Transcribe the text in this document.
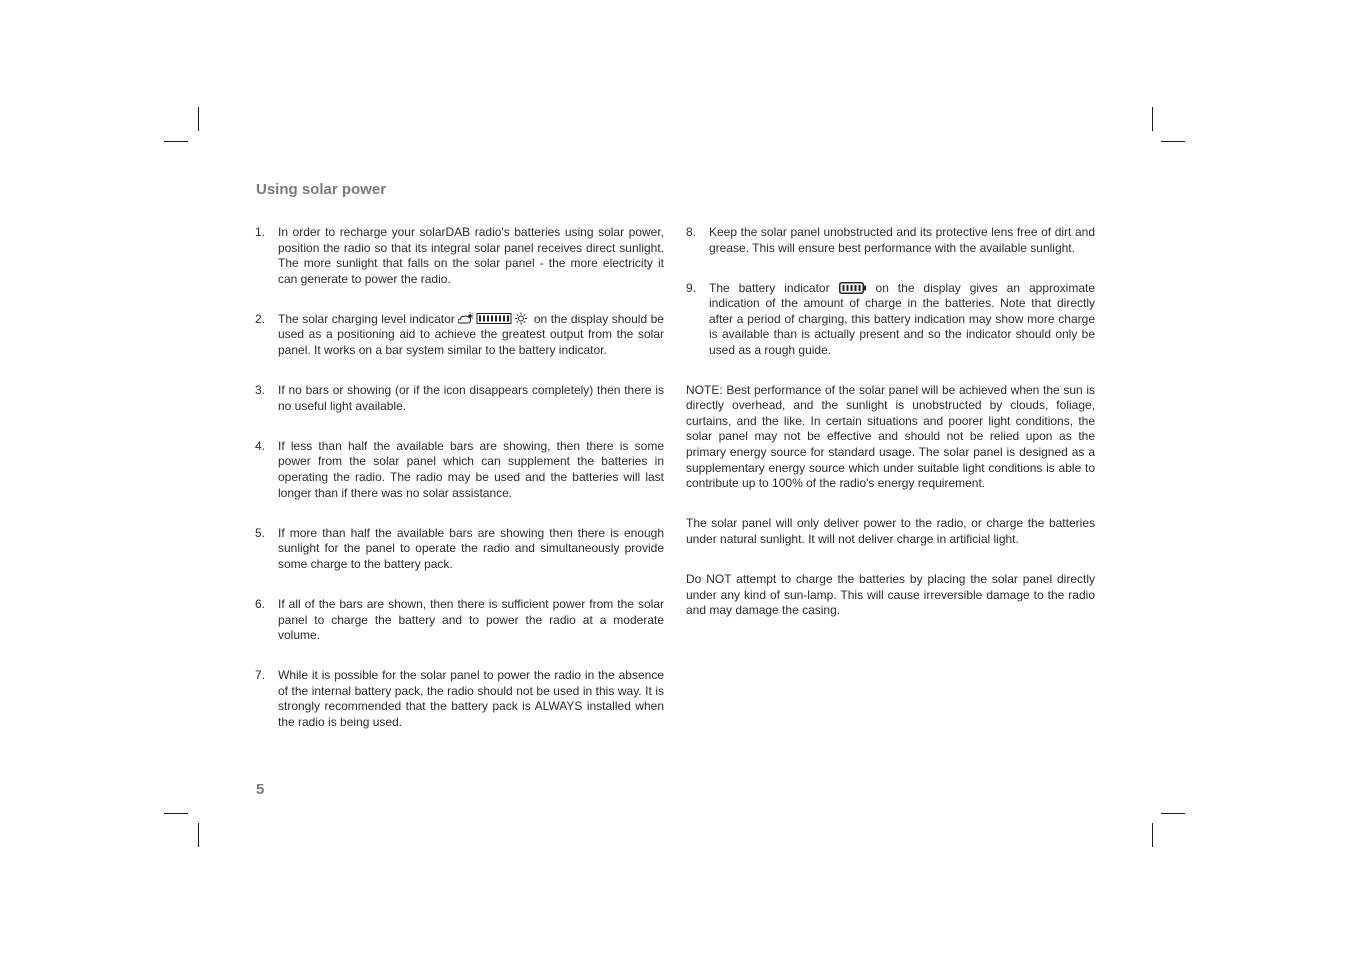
Using solar power
1. In order to recharge your solarDAB radio's batteries using solar power, position the radio so that its integral solar panel receives direct sunlight. The more sunlight that falls on the solar panel - the more electricity it can generate to power the radio.
2. The solar charging level indicator	on the display should be used as a positioning aid to achieve the greatest output from the solar panel. It works on a bar system similar to the battery indicator.
3. If no bars or showing (or if the icon disappears completely) then there is no useful light available.
4. If less than half the available bars are showing, then there is some power from the solar panel which can supplement the batteries in operating the radio. The radio may be used and the batteries will last longer than if there was no solar assistance.
5. If more than half the available bars are showing then there is enough sunlight for the panel to operate the radio and simultaneously provide some charge to the battery pack.
6. If all of the bars are shown, then there is sufficient power from the solar panel to charge the battery and to power the radio at a moderate volume.
7. While it is possible for the solar panel to power the radio in the absence of the internal battery pack, the radio should not be used in this way. It is strongly recommended that the battery pack is ALWAYS installed when the radio is being used.
8. Keep the solar panel unobstructed and its protective lens free of dirt and grease. This will ensure best performance with the available sunlight.
9. The battery indicator	on the display gives an approximate indication of the amount of charge in the batteries. Note that directly after a period of charging, this battery indication may show more charge is available than is actually present and so the indicator should only be used as a rough guide.

NOTE: Best performance of the solar panel will be achieved when the sun is directly overhead, and the sunlight is unobstructed by clouds, foliage, curtains, and the like. In certain situations and poorer light conditions, the solar panel may not be effective and should not be relied upon as the primary energy source for standard usage. The solar panel is designed as a supplementary energy source which under suitable light conditions is able to contribute up to 100% of the radio's energy requirement.

The solar panel will only deliver power to the radio, or charge the batteries under natural sunlight. It will not deliver charge in artificial light.

Do NOT attempt to charge the batteries by placing the solar panel directly under any kind of sun-lamp. This will cause irreversible damage to the radio and may damage the casing.

5
